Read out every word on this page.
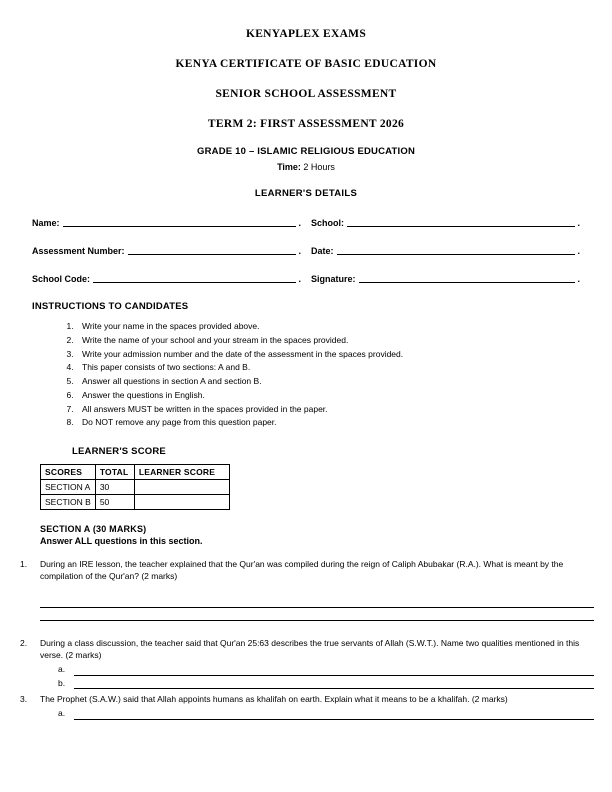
KENYAPLEX EXAMS
KENYA CERTIFICATE OF BASIC EDUCATION
SENIOR SCHOOL ASSESSMENT
TERM 2: FIRST ASSESSMENT 2026
GRADE 10 – ISLAMIC RELIGIOUS EDUCATION
Time: 2 Hours
LEARNER'S DETAILS
Name:	. School:	.
Assessment Number:	. Date:	.
School Code:	. Signature:	.
INSTRUCTIONS TO CANDIDATES
1. Write your name in the spaces provided above.
2. Write the name of your school and your stream in the spaces provided.
3. Write your admission number and the date of the assessment in the spaces provided.
4. This paper consists of two sections: A and B.
5. Answer all questions in section A and section B.
6. Answer the questions in English.
7. All answers MUST be written in the spaces provided in the paper.
8. Do NOT remove any page from this question paper.
LEARNER'S SCORE
SCORES	TOTAL	LEARNER SCORE
SECTION A	30	
SECTION B	50	
SECTION A (30 MARKS)
Answer ALL questions in this section.
1.	During an IRE lesson, the teacher explained that the Qur'an was compiled during the reign of Caliph Abubakar (R.A.). What is meant by the compilation of the Qur'an? (2 marks)
2.	During a class discussion, the teacher said that Qur'an 25:63 describes the true servants of Allah (S.W.T.). Name two qualities mentioned in this verse. (2 marks)
a.
b.
3.	The Prophet (S.A.W.) said that Allah appoints humans as khalifah on earth. Explain what it means to be a khalifah. (2 marks)
a.
